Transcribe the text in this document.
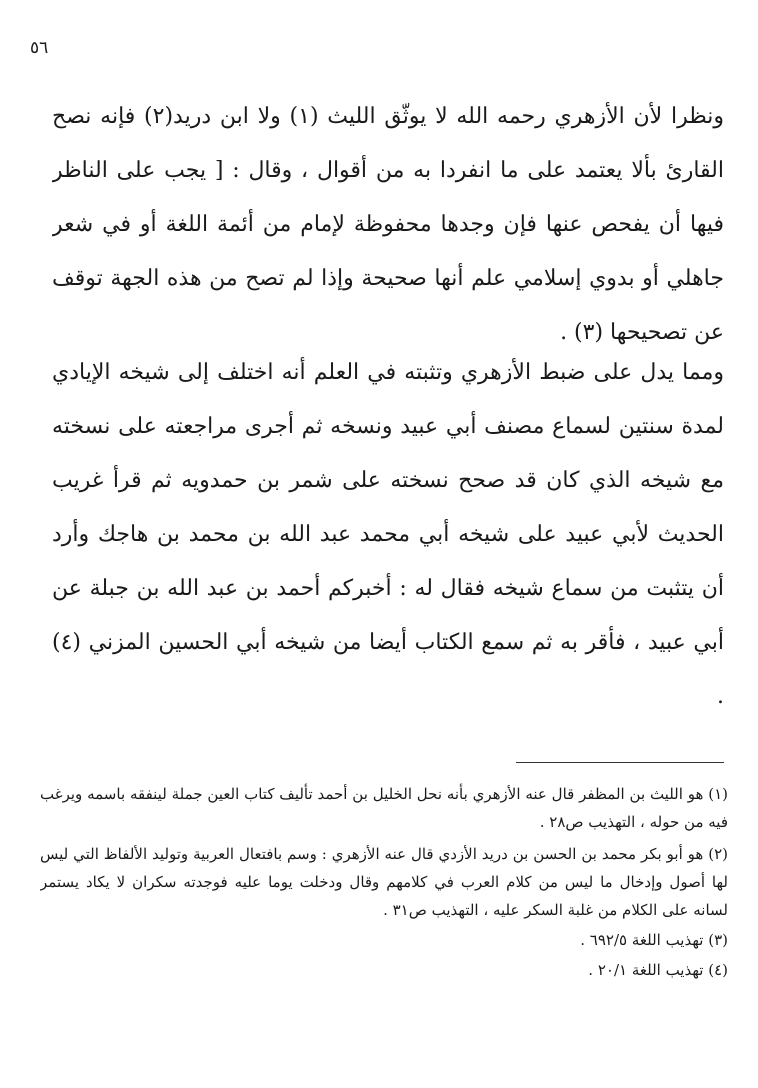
٥٦

ونظرا لأن الأزهري رحمه الله لا يوثّق الليث (١) ولا ابن دريد(٢) فإنه نصح القارئ بألا يعتمد على ما انفردا به من أقوال ، وقال : [ يجب على الناظر فيها أن يفحص عنها فإن وجدها محفوظة لإمام من أئمة اللغة أو في شعر جاهلي أو بدوي إسلامي علم أنها صحيحة وإذا لم تصح من هذه الجهة توقف عن تصحيحها (٣) .

ومما يدل على ضبط الأزهري وتثبته في العلم أنه اختلف إلى شيخه الإيادي لمدة سنتين لسماع مصنف أبي عبيد ونسخه ثم أجرى مراجعته على نسخته مع شيخه الذي كان قد صحح نسخته على شمر بن حمدويه ثم قرأ غريب الحديث لأبي عبيد على شيخه أبي محمد عبد الله بن محمد بن هاجك وأرد أن يتثبت من سماع شيخه فقال له : أخبركم أحمد بن عبد الله بن جبلة عن أبي عبيد ، فأقر به ثم سمع الكتاب أيضا من شيخه أبي الحسين المزني (٤) .

(١) هو الليث بن المظفر قال عنه الأزهري بأنه نحل الخليل بن أحمد تأليف كتاب العين جملة لينفقه باسمه ويرغب فيه من حوله ، التهذيب ص٢٨ .

(٢) هو أبو بكر محمد بن الحسن بن دريد الأزدي قال عنه الأزهري : وسم بافتعال العربية وتوليد الألفاظ التي ليس لها أصول وإدخال ما ليس من كلام العرب في كلامهم وقال ودخلت يوما عليه فوجدته سكران لا يكاد يستمر لسانه على الكلام من غلبة السكر عليه ، التهذيب ص٣١ .

(٣) تهذيب اللغة ٦٩٢/٥ .

(٤) تهذيب اللغة ٢٠/١ .
